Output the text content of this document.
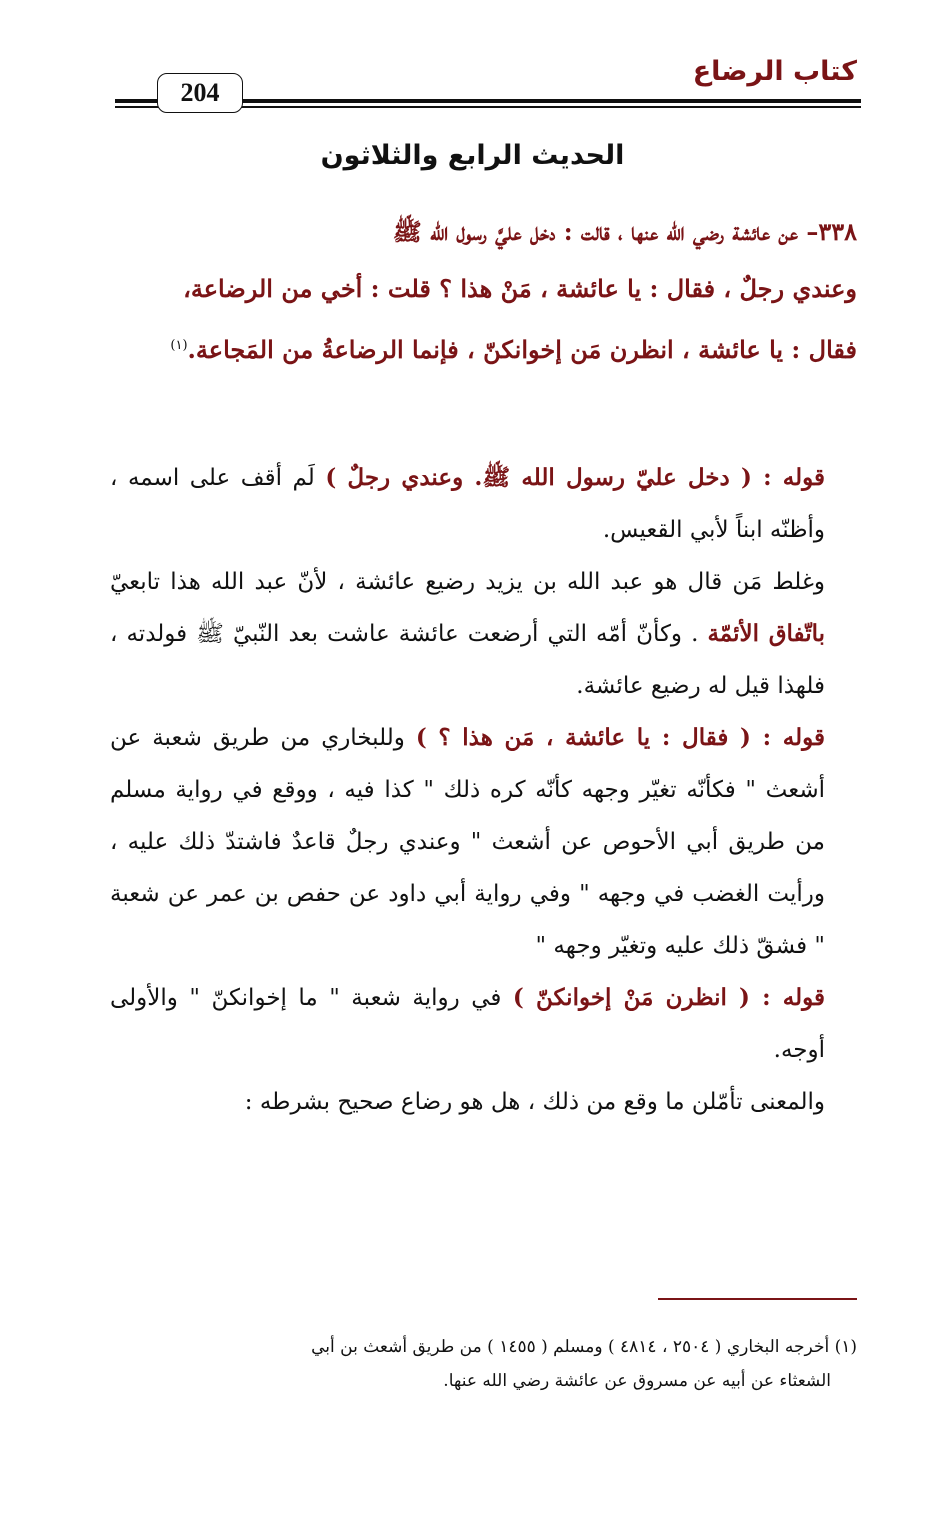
كتاب الرضاع
204
الحديث الرابع والثلاثون

٣٣٨– عن عائشة رضي الله عنها ، قالت : دخل عليَّ رسول الله ﷺ

وعندي رجلٌ ، فقال : يا عائشة ، مَنْ هذا ؟ قلت : أخي من الرضاعة،

فقال : يا عائشة ، انظرن مَن إخوانكنّ ، فإنما الرضاعةُ من المَجاعة.$^{(١)}$

قوله : ( دخل عليّ رسول الله ﷺ. وعندي رجلٌ ) لَم أقف على اسمه ، وأظنّه ابناً لأبي القعيس.

وغلط مَن قال هو عبد الله بن يزيد رضيع عائشة ، لأنّ عبد الله هذا تابعيّ باتّفاق الأئمّة . وكأنّ أمّه التي أرضعت عائشة عاشت بعد النّبيّ ﷺ فولدته ، فلهذا قيل له رضيع عائشة.

قوله : ( فقال : يا عائشة ، مَن هذا ؟ ) وللبخاري من طريق شعبة عن أشعث " فكأنّه تغيّر وجهه كأنّه كره ذلك " كذا فيه ، ووقع في رواية مسلم من طريق أبي الأحوص عن أشعث " وعندي رجلٌ قاعدٌ فاشتدّ ذلك عليه ، ورأيت الغضب في وجهه " وفي رواية أبي داود عن حفص بن عمر عن شعبة " فشقّ ذلك عليه وتغيّر وجهه "

قوله : ( انظرن مَنْ إخوانكنّ ) في رواية شعبة " ما إخوانكنّ " والأولى أوجه.

والمعنى تأمّلن ما وقع من ذلك ، هل هو رضاع صحيح بشرطه :

(١) أخرجه البخاري ( ٢٥٠٤ ، ٤٨١٤ ) ومسلم ( ١٤٥٥ ) من طريق أشعث بن أبي

الشعثاء عن أبيه عن مسروق عن عائشة رضي الله عنها.
